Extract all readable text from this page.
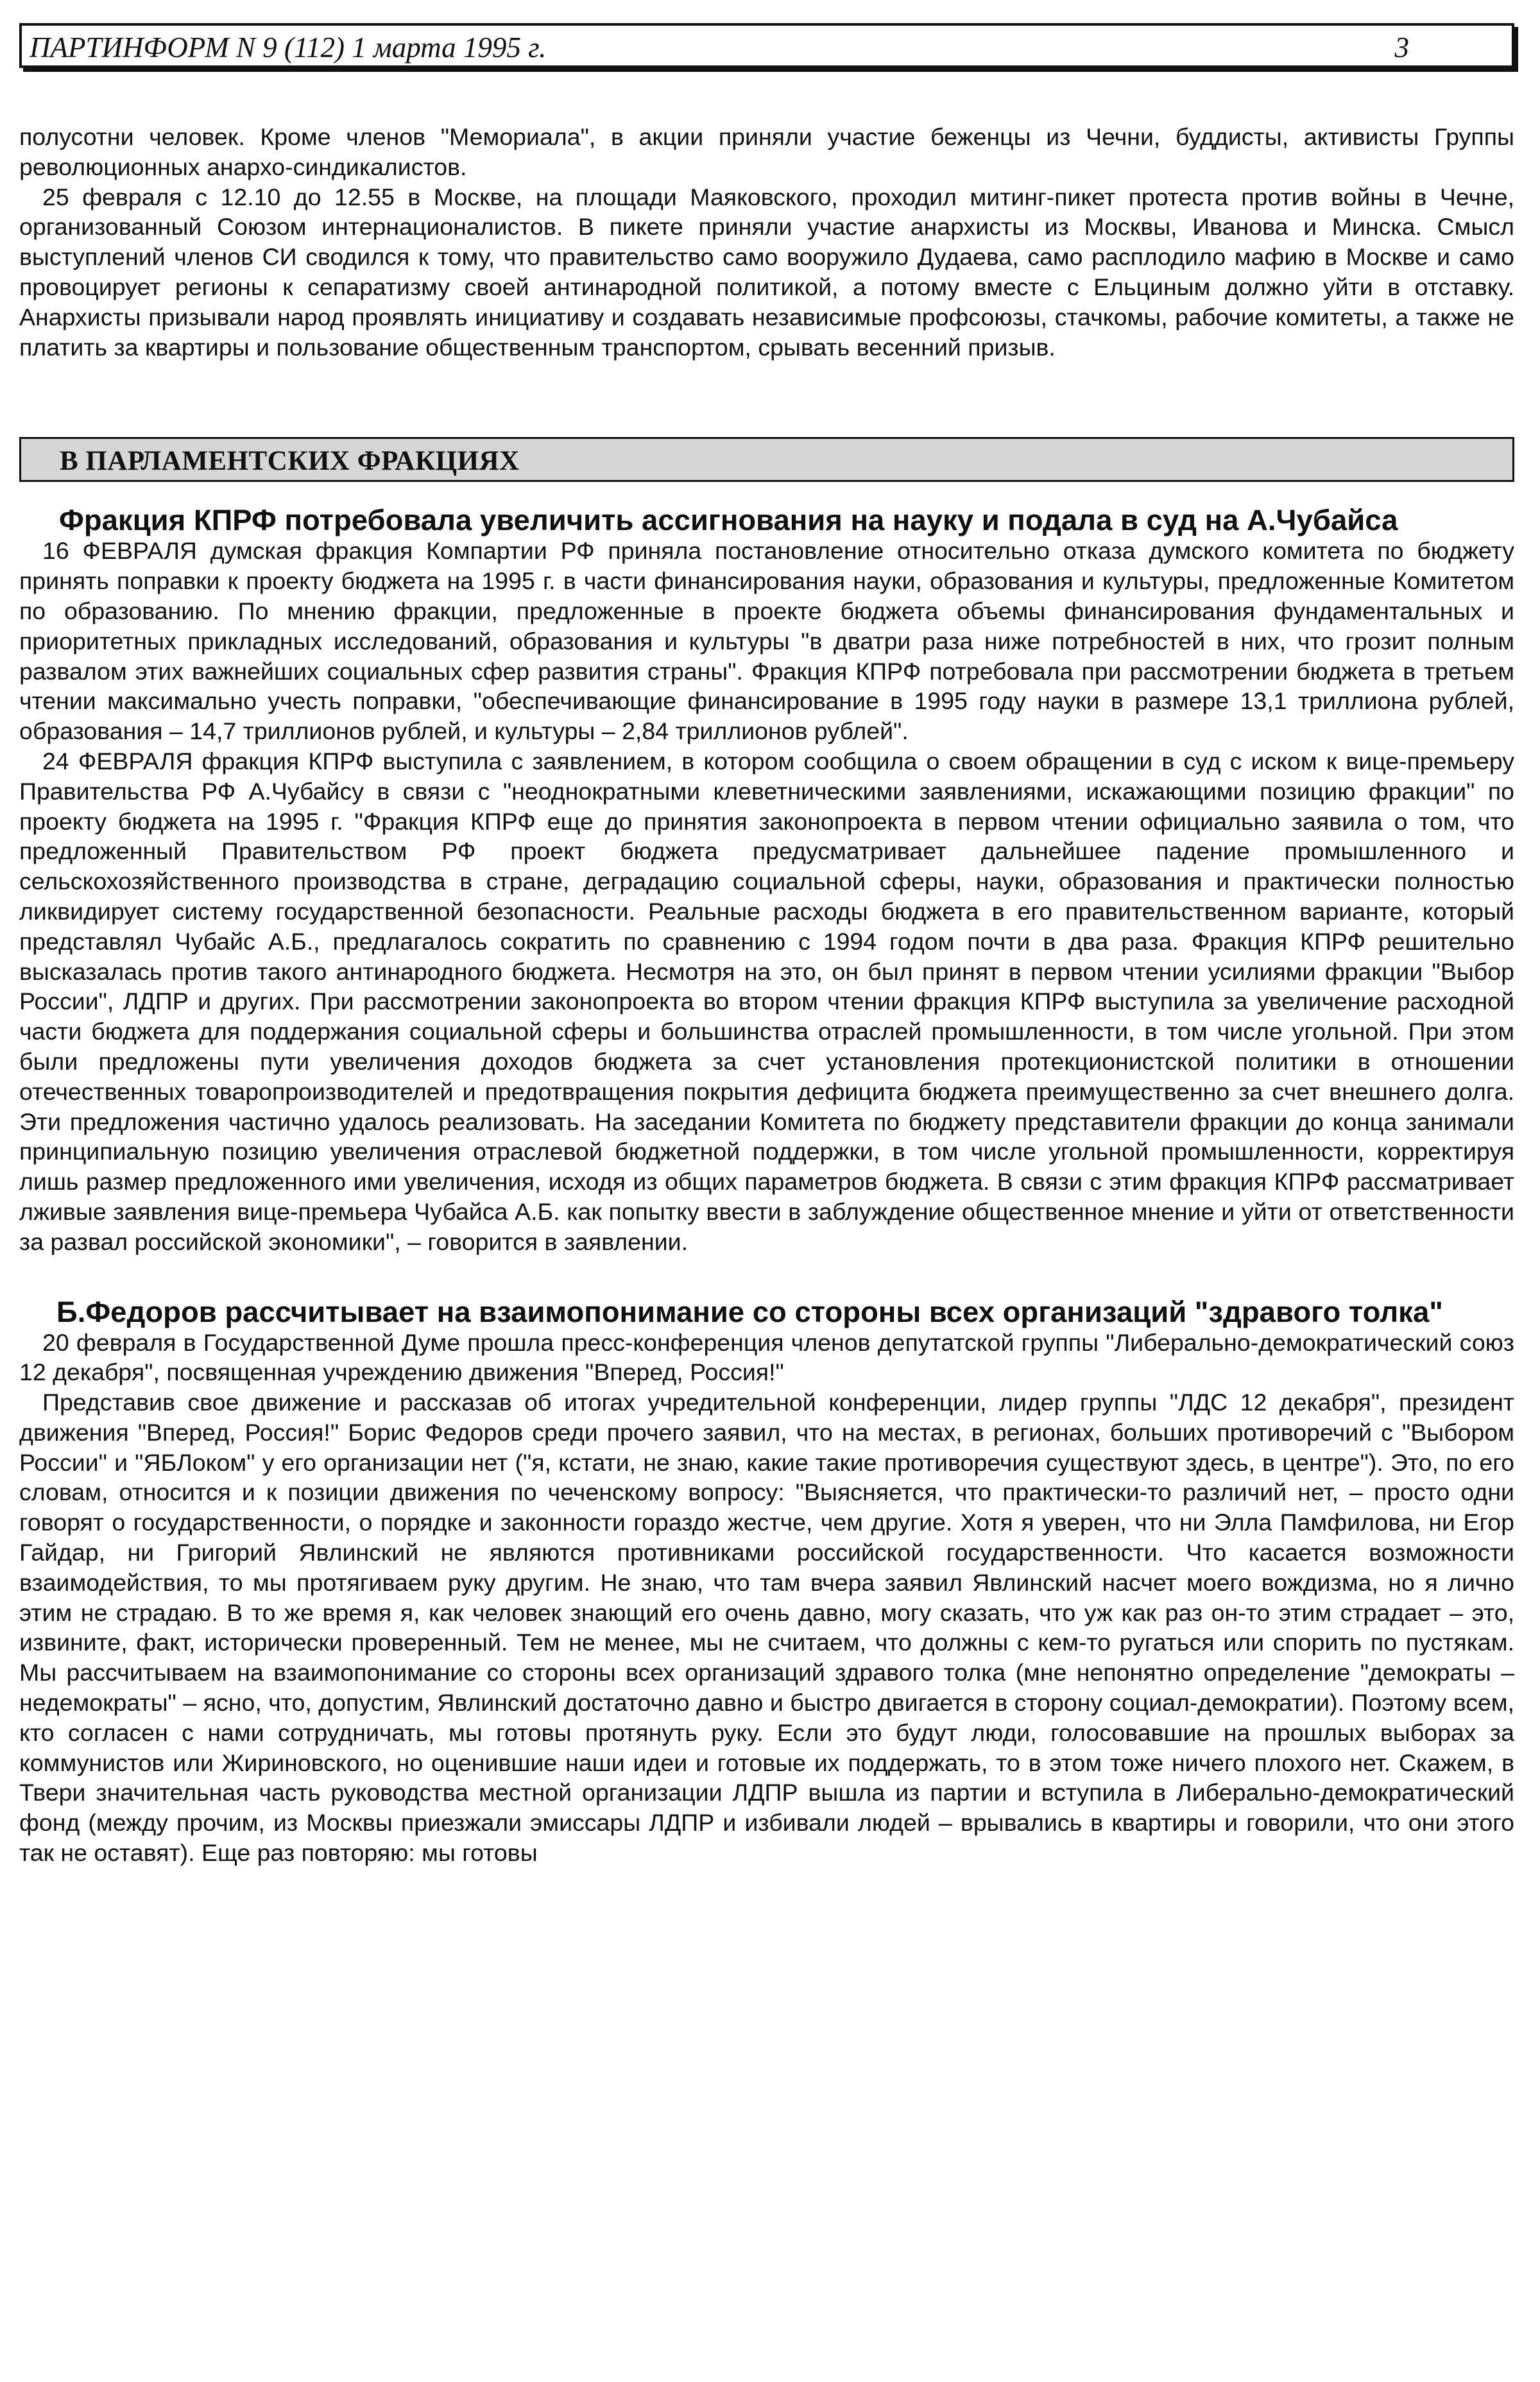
ПАРТИНФОРМ N 9 (112) 1 марта 1995 г.	3

полусотни человек. Кроме членов "Мемориала", в акции приняли участие беженцы из Чечни, буддисты, активисты Группы революционных анархо-синдикалистов.

25 февраля с 12.10 до 12.55 в Москве, на площади Маяковского, проходил митинг-пикет протеста против войны в Чечне, организованный Союзом интернационалистов. В пикете приняли участие анархисты из Москвы, Иванова и Минска. Смысл выступлений членов СИ сводился к тому, что правительство само вооружило Дудаева, само расплодило мафию в Москве и само провоцирует регионы к сепаратизму своей антинародной политикой, а потому вместе с Ельциным должно уйти в отставку. Анархисты призывали народ проявлять инициативу и создавать независимые профсоюзы, стачкомы, рабочие комитеты, а также не платить за квартиры и пользование общественным транспортом, срывать весенний призыв.

В ПАРЛАМЕНТСКИХ ФРАКЦИЯХ
Фракция КПРФ потребовала увеличить ассигнования на науку и подала в суд на А.Чубайса

16 ФЕВРАЛЯ думская фракция Компартии РФ приняла постановление относительно отказа думского комитета по бюджету принять поправки к проекту бюджета на 1995 г. в части финансирования науки, образования и культуры, предложенные Комитетом по образованию. По мнению фракции, предложенные в проекте бюджета объемы финансирования фундаментальных и приоритетных прикладных исследований, образования и культуры "в дватри раза ниже потребностей в них, что грозит полным развалом этих важнейших социальных сфер развития страны". Фракция КПРФ потребовала при рассмотрении бюджета в третьем чтении максимально учесть поправки, "обеспечивающие финансирование в 1995 году науки в размере 13,1 триллиона рублей, образования – 14,7 триллионов рублей, и культуры – 2,84 триллионов рублей".

24 ФЕВРАЛЯ фракция КПРФ выступила с заявлением, в котором сообщила о своем обращении в суд с иском к вице-премьеру Правительства РФ А.Чубайсу в связи с "неоднократными клеветническими заявлениями, искажающими позицию фракции" по проекту бюджета на 1995 г. "Фракция КПРФ еще до принятия законопроекта в первом чтении официально заявила о том, что предложенный Правительством РФ проект бюджета предусматривает дальнейшее падение промышленного и сельскохозяйственного производства в стране, деградацию социальной сферы, науки, образования и практически полностью ликвидирует систему государственной безопасности. Реальные расходы бюджета в его правительственном варианте, который представлял Чубайс А.Б., предлагалось сократить по сравнению с 1994 годом почти в два раза. Фракция КПРФ решительно высказалась против такого антинародного бюджета. Несмотря на это, он был принят в первом чтении усилиями фракции "Выбор России", ЛДПР и других. При рассмотрении законопроекта во втором чтении фракция КПРФ выступила за увеличение расходной части бюджета для поддержания социальной сферы и большинства отраслей промышленности, в том числе угольной. При этом были предложены пути увеличения доходов бюджета за счет установления протекционистской политики в отношении отечественных товаропроизводителей и предотвращения покрытия дефицита бюджета преимущественно за счет внешнего долга. Эти предложения частично удалось реализовать. На заседании Комитета по бюджету представители фракции до конца занимали принципиальную позицию увеличения отраслевой бюджетной поддержки, в том числе угольной промышленности, корректируя лишь размер предложенного ими увеличения, исходя из общих параметров бюджета. В связи с этим фракция КПРФ рассматривает лживые заявления вице-премьера Чубайса А.Б. как попытку ввести в заблуждение общественное мнение и уйти от ответственности за развал российской экономики", – говорится в заявлении.

Б.Федоров рассчитывает на взаимопонимание со стороны всех организаций "здравого толка"

20 февраля в Государственной Думе прошла пресс-конференция членов депутатской группы "Либерально-демократический союз 12 декабря", посвященная учреждению движения "Вперед, Россия!"

Представив свое движение и рассказав об итогах учредительной конференции, лидер группы "ЛДС 12 декабря", президент движения "Вперед, Россия!" Борис Федоров среди прочего заявил, что на местах, в регионах, больших противоречий с "Выбором России" и "ЯБЛоком" у его организации нет ("я, кстати, не знаю, какие такие противоречия существуют здесь, в центре"). Это, по его словам, относится и к позиции движения по чеченскому вопросу: "Выясняется, что практически-то различий нет, – просто одни говорят о государственности, о порядке и законности гораздо жестче, чем другие. Хотя я уверен, что ни Элла Памфилова, ни Егор Гайдар, ни Григорий Явлинский не являются противниками российской государственности. Что касается возможности взаимодействия, то мы протягиваем руку другим. Не знаю, что там вчера заявил Явлинский насчет моего вождизма, но я лично этим не страдаю. В то же время я, как человек знающий его очень давно, могу сказать, что уж как раз он-то этим страдает – это, извините, факт, исторически проверенный. Тем не менее, мы не считаем, что должны с кем-то ругаться или спорить по пустякам. Мы рассчитываем на взаимопонимание со стороны всех организаций здравого толка (мне непонятно определение "демократы – недемократы" – ясно, что, допустим, Явлинский достаточно давно и быстро двигается в сторону социал-демократии). Поэтому всем, кто согласен с нами сотрудничать, мы готовы протянуть руку. Если это будут люди, голосовавшие на прошлых выборах за коммунистов или Жириновского, но оценившие наши идеи и готовые их поддержать, то в этом тоже ничего плохого нет. Скажем, в Твери значительная часть руководства местной организации ЛДПР вышла из партии и вступила в Либерально-демократический фонд (между прочим, из Москвы приезжали эмиссары ЛДПР и избивали людей – врывались в квартиры и говорили, что они этого так не оставят). Еще раз повторяю: мы готовы
